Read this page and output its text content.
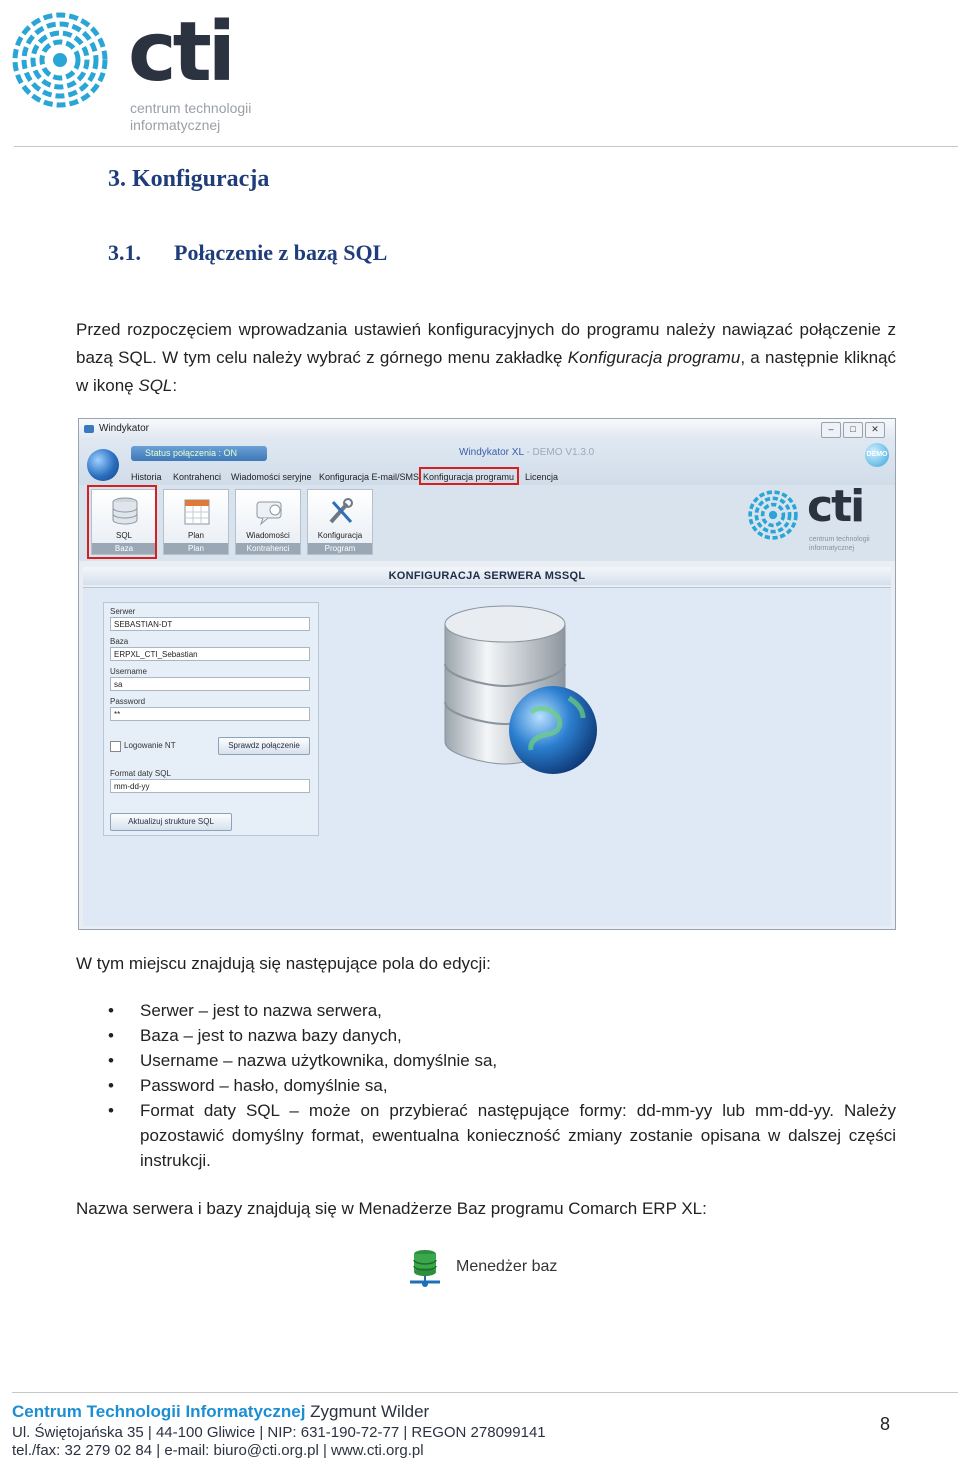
cti
centrum technologii
informatycznej
3. Konfiguracja
3.1. Połączenie z bazą SQL
Przed rozpoczęciem wprowadzania ustawień konfiguracyjnych do programu należy nawiązać połączenie z bazą SQL. W tym celu należy wybrać z górnego menu zakładkę Konfiguracja programu, a następnie kliknąć w ikonę SQL:
Windykator	–	□	✕
Status połączenia : ON	Windykator XL - DEMO V1.3.0	DEMO
Historia Kontrahenci Wiadomości seryjne Konfiguracja E-mail/SMS Konfiguracja programu Licencja
SQL
Baza
Plan
Plan
Wiadomości
Kontrahenci
Konfiguracja
Program
cti
centrum technologii informatycznej
KONFIGURACJA SERWERA MSSQL
Serwer
SEBASTIAN-DT
Baza
ERPXL_CTI_Sebastian
Username
sa
Password
**
Logowanie NT	Sprawdz połączenie
Format daty SQL
mm-dd-yy
Aktualizuj strukture SQL
W tym miejscu znajdują się następujące pola do edycji:
• Serwer – jest to nazwa serwera,
• Baza – jest to nazwa bazy danych,
• Username – nazwa użytkownika, domyślnie sa,
• Password – hasło, domyślnie sa,
• Format daty SQL – może on przybierać następujące formy: dd-mm-yy lub mm-dd-yy. Należy pozostawić domyślny format, ewentualna konieczność zmiany zostanie opisana w dalszej części instrukcji.
Nazwa serwera i bazy znajdują się w Menadżerze Baz programu Comarch ERP XL:
Menedżer baz
Centrum Technologii Informatycznej Zygmunt Wilder
Ul. Świętojańska 35 | 44-100 Gliwice | NIP: 631-190-72-77 | REGON 278099141
tel./fax: 32 279 02 84 | e-mail: biuro@cti.org.pl | www.cti.org.pl
8
